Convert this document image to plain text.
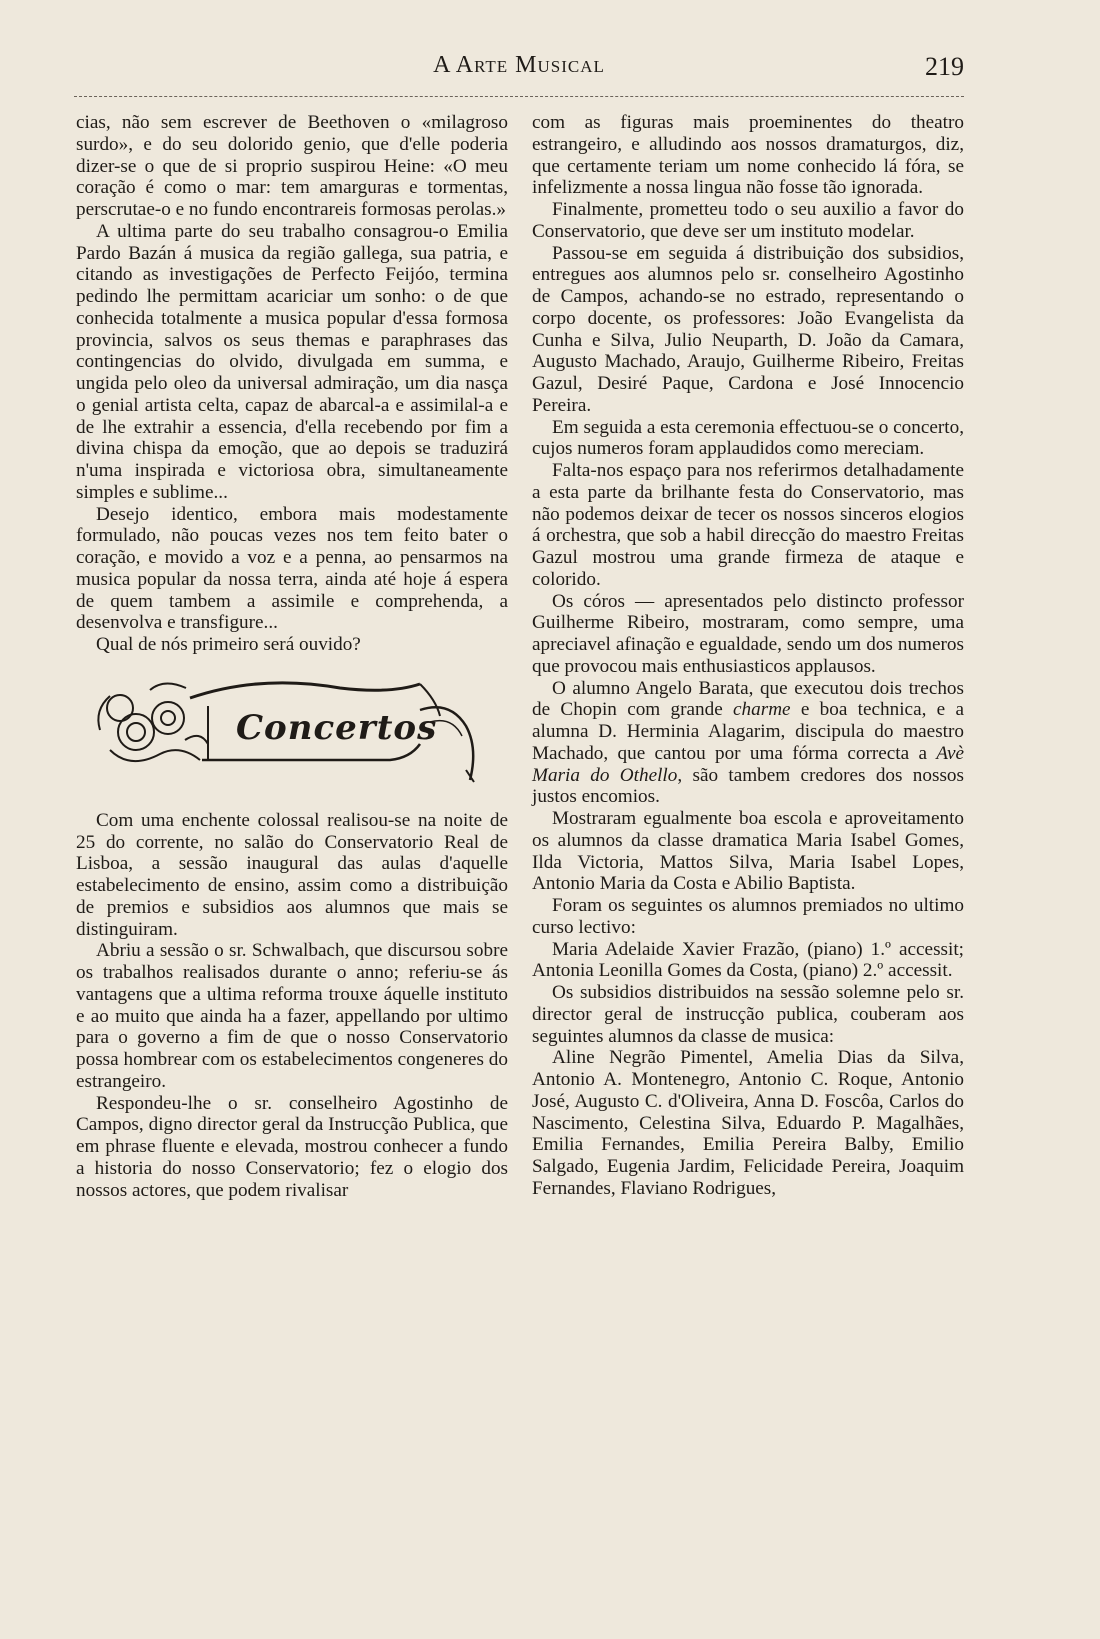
A Arte Musical	219

cias, não sem escrever de Beethoven o «milagroso surdo», e do seu dolorido genio, que d'elle poderia dizer-se o que de si proprio suspirou Heine: «O meu coração é como o mar: tem amarguras e tormentas, perscrutae-o e no fundo encontrareis formosas perolas.»

A ultima parte do seu trabalho consagrou-o Emilia Pardo Bazán á musica da região gallega, sua patria, e citando as investigações de Perfecto Feijóo, termina pedindo lhe permittam acariciar um sonho: o de que conhecida totalmente a musica popular d'essa formosa provincia, salvos os seus themas e paraphrases das contingencias do olvido, divulgada em summa, e ungida pelo oleo da universal admiração, um dia nasça o genial artista celta, capaz de abarcal-a e assimilal-a e de lhe extrahir a essencia, d'ella recebendo por fim a divina chispa da emoção, que ao depois se traduzirá n'uma inspirada e victoriosa obra, simultaneamente simples e sublime...

Desejo identico, embora mais modestamente formulado, não poucas vezes nos tem feito bater o coração, e movido a voz e a penna, ao pensarmos na musica popular da nossa terra, ainda até hoje á espera de quem tambem a assimile e comprehenda, a desenvolva e transfigure...

Qual de nós primeiro será ouvido?

Concertos

Com uma enchente colossal realisou-se na noite de 25 do corrente, no salão do Conservatorio Real de Lisboa, a sessão inaugural das aulas d'aquelle estabelecimento de ensino, assim como a distribuição de premios e subsidios aos alumnos que mais se distinguiram.

Abriu a sessão o sr. Schwalbach, que discursou sobre os trabalhos realisados durante o anno; referiu-se ás vantagens que a ultima reforma trouxe áquelle instituto e ao muito que ainda ha a fazer, appellando por ultimo para o governo a fim de que o nosso Conservatorio possa hombrear com os estabelecimentos congeneres do estrangeiro.

Respondeu-lhe o sr. conselheiro Agostinho de Campos, digno director geral da Instrucção Publica, que em phrase fluente e elevada, mostrou conhecer a fundo a historia do nosso Conservatorio; fez o elogio dos nossos actores, que podem rivalisar

com as figuras mais proeminentes do theatro estrangeiro, e alludindo aos nossos dramaturgos, diz, que certamente teriam um nome conhecido lá fóra, se infelizmente a nossa lingua não fosse tão ignorada.

Finalmente, prometteu todo o seu auxilio a favor do Conservatorio, que deve ser um instituto modelar.

Passou-se em seguida á distribuição dos subsidios, entregues aos alumnos pelo sr. conselheiro Agostinho de Campos, achando-se no estrado, representando o corpo docente, os professores: João Evangelista da Cunha e Silva, Julio Neuparth, D. João da Camara, Augusto Machado, Araujo, Guilherme Ribeiro, Freitas Gazul, Desiré Paque, Cardona e José Innocencio Pereira.

Em seguida a esta ceremonia effectuou-se o concerto, cujos numeros foram applaudidos como mereciam.

Falta-nos espaço para nos referirmos detalhadamente a esta parte da brilhante festa do Conservatorio, mas não podemos deixar de tecer os nossos sinceros elogios á orchestra, que sob a habil direcção do maestro Freitas Gazul mostrou uma grande firmeza de ataque e colorido.

Os córos — apresentados pelo distincto professor Guilherme Ribeiro, mostraram, como sempre, uma apreciavel afinação e egualdade, sendo um dos numeros que provocou mais enthusiasticos applausos.

O alumno Angelo Barata, que executou dois trechos de Chopin com grande charme e boa technica, e a alumna D. Herminia Alagarim, discipula do maestro Machado, que cantou por uma fórma correcta a Avè Maria do Othello, são tambem credores dos nossos justos encomios.

Mostraram egualmente boa escola e aproveitamento os alumnos da classe dramatica Maria Isabel Gomes, Ilda Victoria, Mattos Silva, Maria Isabel Lopes, Antonio Maria da Costa e Abilio Baptista.

Foram os seguintes os alumnos premiados no ultimo curso lectivo:

Maria Adelaide Xavier Frazão, (piano) 1.º accessit; Antonia Leonilla Gomes da Costa, (piano) 2.º accessit.

Os subsidios distribuidos na sessão solemne pelo sr. director geral de instrucção publica, couberam aos seguintes alumnos da classe de musica:

Aline Negrão Pimentel, Amelia Dias da Silva, Antonio A. Montenegro, Antonio C. Roque, Antonio José, Augusto C. d'Oliveira, Anna D. Foscôa, Carlos do Nascimento, Celestina Silva, Eduardo P. Magalhães, Emilia Fernandes, Emilia Pereira Balby, Emilio Salgado, Eugenia Jardim, Felicidade Pereira, Joaquim Fernandes, Flaviano Rodrigues,
